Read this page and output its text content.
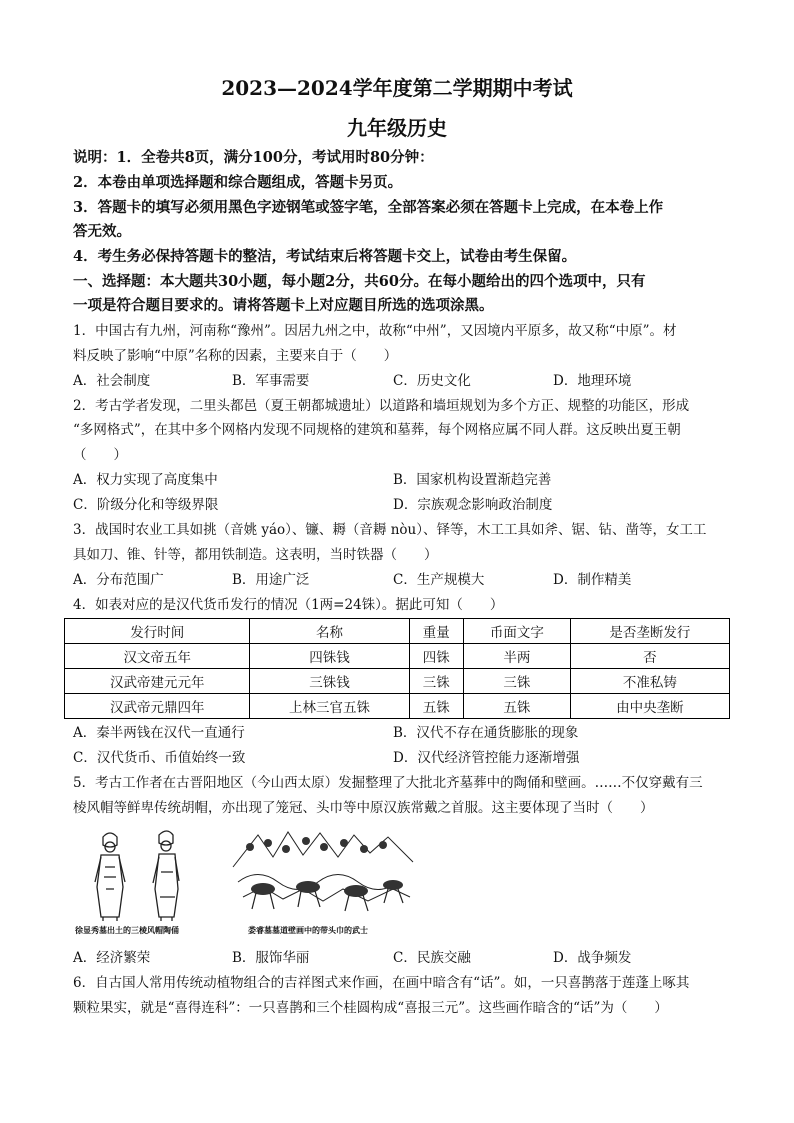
2023—2024学年度第二学期期中考试
九年级历史
说明：1．全卷共8页，满分100分，考试用时80分钟：
2．本卷由单项选择题和综合题组成，答题卡另页。
3．答题卡的填写必须用黑色字迹钢笔或签字笔，全部答案必须在答题卡上完成，在本卷上作
答无效。
4．考生务必保持答题卡的整洁，考试结束后将答题卡交上，试卷由考生保留。
一、选择题：本大题共30小题，每小题2分，共60分。在每小题给出的四个选项中，只有
一项是符合题目要求的。请将答题卡上对应题目所选的选项涂黑。
1．中国古有九州，河南称“豫州”。因居九州之中，故称“中州”，又因境内平原多，故又称“中原”。材
料反映了影响“中原”名称的因素，主要来自于（　　）
A．社会制度	B．军事需要	C．历史文化	D．地理环境
2．考古学者发现，二里头都邑（夏王朝都城遗址）以道路和墙垣规划为多个方正、规整的功能区，形成
“多网格式”，在其中多个网格内发现不同规格的建筑和墓葬，每个网格应属不同人群。这反映出夏王朝
（　　）
A．权力实现了高度集中	B．国家机构设置渐趋完善
C．阶级分化和等级界限	D．宗族观念影响政治制度
3．战国时农业工具如挑（音姚 yáo）、镰、耨（音耨 nòu）、铎等，木工工具如斧、锯、钻、凿等，女工工
具如刀、锥、针等，都用铁制造。这表明，当时铁器（　　）
A．分布范围广	B．用途广泛	C．生产规模大	D．制作精美
4．如表对应的是汉代货币发行的情况（1两=24铢）。据此可知（　　）
发行时间	名称	重量	币面文字	是否垄断发行
汉文帝五年	四铢钱	四铢	半两	否
汉武帝建元元年	三铢钱	三铢	三铢	不准私铸
汉武帝元鼎四年	上林三官五铢	五铢	五铢	由中央垄断
A．秦半两钱在汉代一直通行	B．汉代不存在通货膨胀的现象
C．汉代货币、币值始终一致	D．汉代经济管控能力逐渐增强
5．考古工作者在古晋阳地区（今山西太原）发掘整理了大批北齐墓葬中的陶俑和壁画。……不仅穿戴有三
棱风帽等鲜卑传统胡帽，亦出现了笼冠、头巾等中原汉族常戴之首服。这主要体现了当时（　　）
徐显秀墓出土的三棱风帽陶俑	娄睿墓墓道壁画中的带头巾的武士
A．经济繁荣	B．服饰华丽	C．民族交融	D．战争频发
6．自古国人常用传统动植物组合的吉祥图式来作画，在画中暗含有“话”。如，一只喜鹊落于莲蓬上啄其
颗粒果实，就是“喜得连科”：一只喜鹊和三个桂圆构成“喜报三元”。这些画作暗含的“话”为（　　）
